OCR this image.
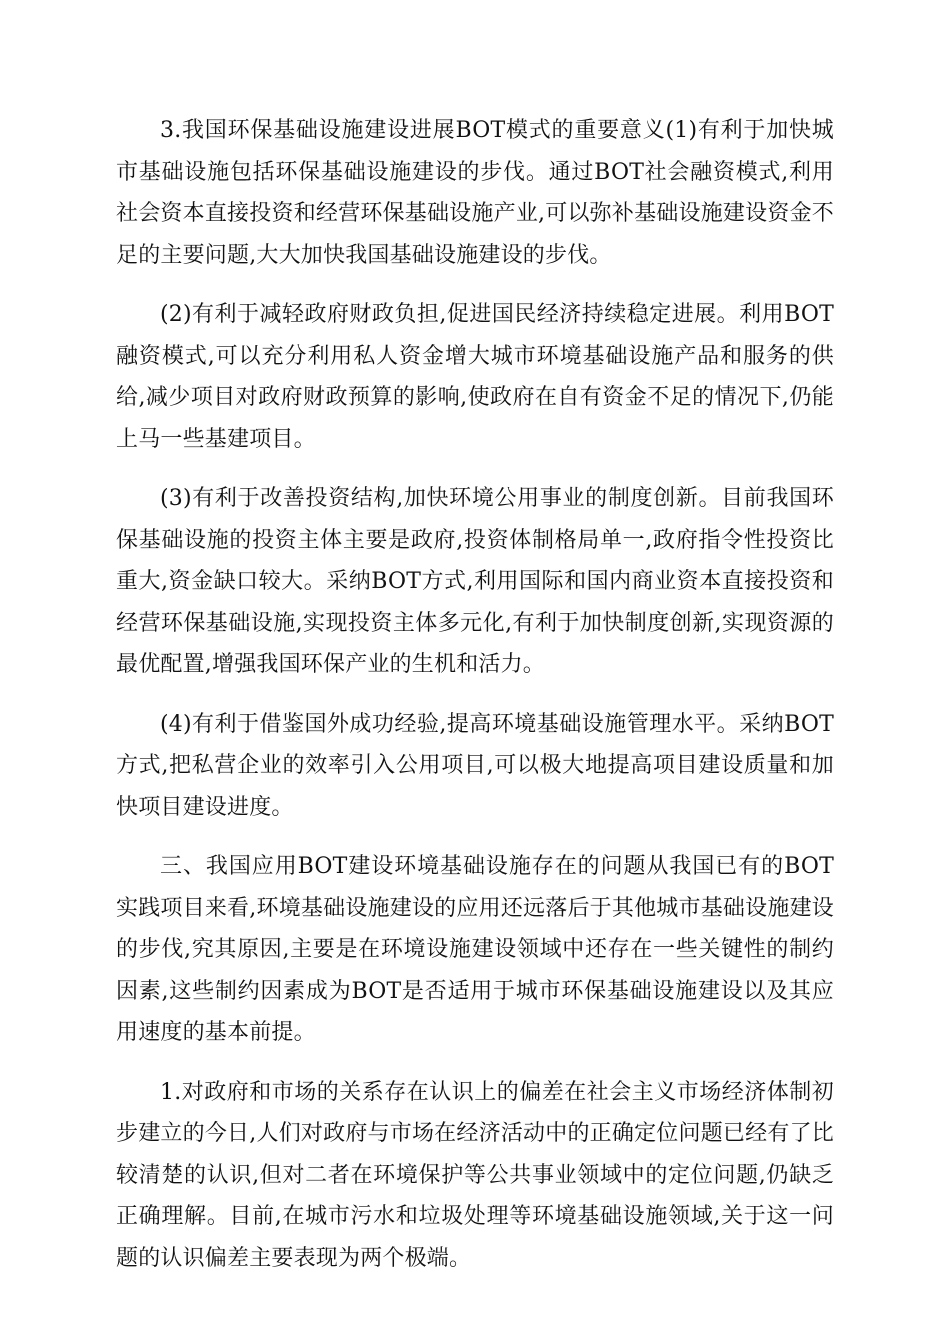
3.我国环保基础设施建设进展BOT模式的重要意义(1)有利于加快城市基础设施包括环保基础设施建设的步伐。通过BOT社会融资模式,利用社会资本直接投资和经营环保基础设施产业,可以弥补基础设施建设资金不足的主要问题,大大加快我国基础设施建设的步伐。

(2)有利于减轻政府财政负担,促进国民经济持续稳定进展。利用BOT融资模式,可以充分利用私人资金增大城市环境基础设施产品和服务的供给,减少项目对政府财政预算的影响,使政府在自有资金不足的情况下,仍能上马一些基建项目。

(3)有利于改善投资结构,加快环境公用事业的制度创新。目前我国环保基础设施的投资主体主要是政府,投资体制格局单一,政府指令性投资比重大,资金缺口较大。采纳BOT方式,利用国际和国内商业资本直接投资和经营环保基础设施,实现投资主体多元化,有利于加快制度创新,实现资源的最优配置,增强我国环保产业的生机和活力。

(4)有利于借鉴国外成功经验,提高环境基础设施管理水平。采纳BOT方式,把私营企业的效率引入公用项目,可以极大地提高项目建设质量和加快项目建设进度。

三、我国应用BOT建设环境基础设施存在的问题从我国已有的BOT实践项目来看,环境基础设施建设的应用还远落后于其他城市基础设施建设的步伐,究其原因,主要是在环境设施建设领域中还存在一些关键性的制约因素,这些制约因素成为BOT是否适用于城市环保基础设施建设以及其应用速度的基本前提。

1.对政府和市场的关系存在认识上的偏差在社会主义市场经济体制初步建立的今日,人们对政府与市场在经济活动中的正确定位问题已经有了比较清楚的认识,但对二者在环境保护等公共事业领域中的定位问题,仍缺乏正确理解。目前,在城市污水和垃圾处理等环境基础设施领域,关于这一问题的认识偏差主要表现为两个极端。
